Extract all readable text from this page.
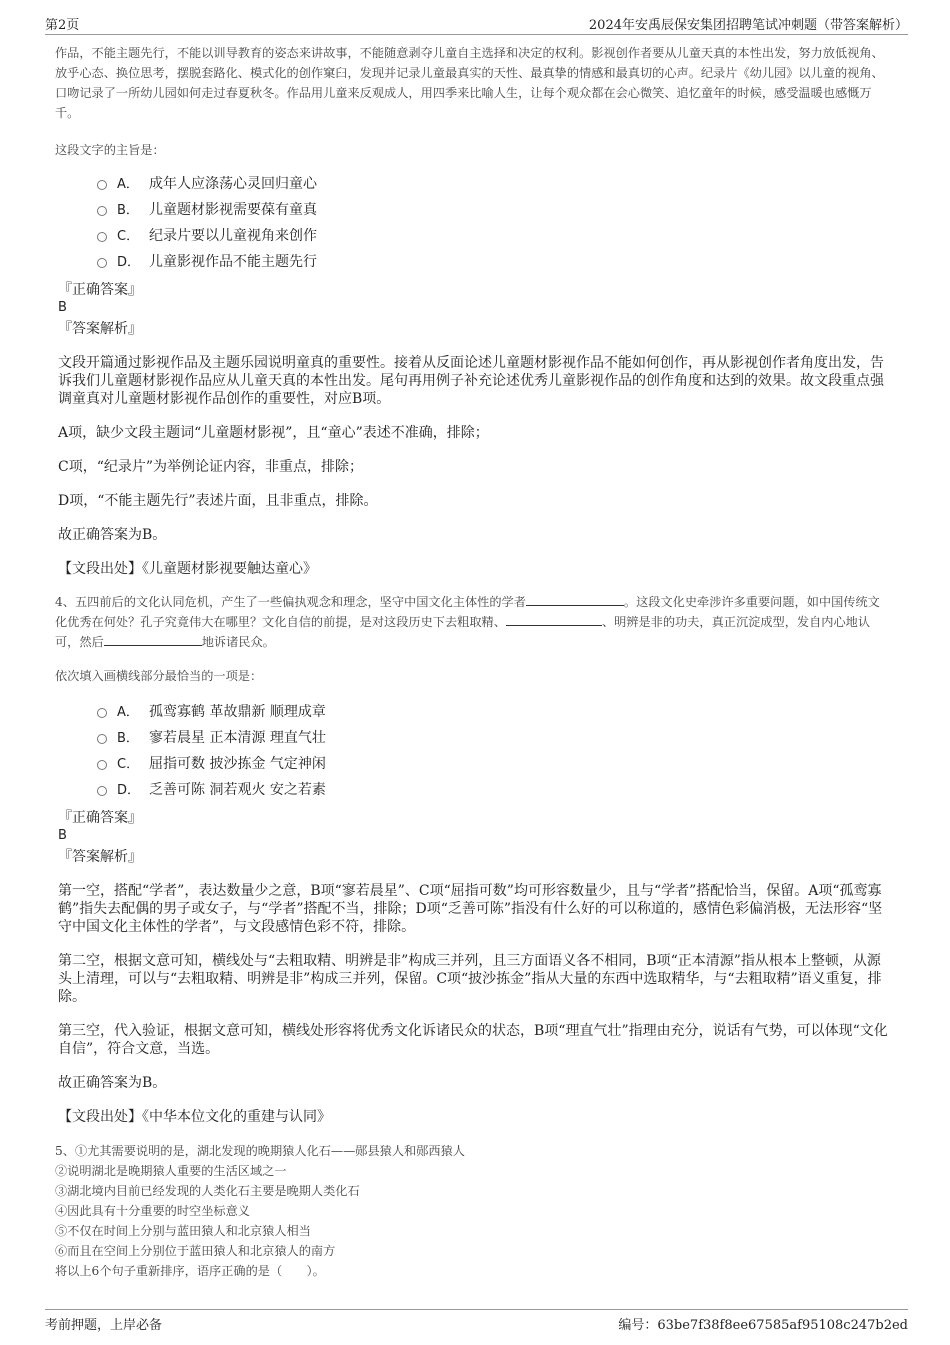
第2页	2024年安禹辰保安集团招聘笔试冲刺题（带答案解析）
作品，不能主题先行，不能以训导教育的姿态来讲故事，不能随意剥夺儿童自主选择和决定的权利。影视创作者要从儿童天真的本性出发，努力放低视角、放乎心态、换位思考，摆脱套路化、模式化的创作窠臼，发现并记录儿童最真实的天性、最真挚的情感和最真切的心声。纪录片《幼儿园》以儿童的视角、口吻记录了一所幼儿园如何走过春夏秋冬。作品用儿童来反观成人，用四季来比喻人生，让每个观众都在会心微笑、追忆童年的时候，感受温暖也感慨万千。
这段文字的主旨是：
A． 成年人应涤荡心灵回归童心
B． 儿童题材影视需要葆有童真
C． 纪录片要以儿童视角来创作
D． 儿童影视作品不能主题先行
『正确答案』
B
『答案解析』
文段开篇通过影视作品及主题乐园说明童真的重要性。接着从反面论述儿童题材影视作品不能如何创作，再从影视创作者角度出发，告诉我们儿童题材影视作品应从儿童天真的本性出发。尾句再用例子补充论述优秀儿童影视作品的创作角度和达到的效果。故文段重点强调童真对儿童题材影视作品创作的重要性，对应B项。
A项，缺少文段主题词“儿童题材影视”，且“童心”表述不准确，排除；
C项，“纪录片”为举例论证内容，非重点，排除；
D项，“不能主题先行”表述片面，且非重点，排除。
故正确答案为B。
【文段出处】《儿童题材影视要触达童心》
4、五四前后的文化认同危机，产生了一些偏执观念和理念，坚守中国文化主体性的学者	。这段文化史牵涉许多重要问题，如中国传统文化优秀在何处？孔子究竟伟大在哪里？文化自信的前提，是对这段历史下去粗取精、	、明辨是非的功夫，真正沉淀成型，发自内心地认可，然后	地诉诸民众。
依次填入画横线部分最恰当的一项是：
A． 孤鸾寡鹤 革故鼎新 顺理成章
B． 寥若晨星 正本清源 理直气壮
C． 屈指可数 披沙拣金 气定神闲
D． 乏善可陈 洞若观火 安之若素
『正确答案』
B
『答案解析』
第一空，搭配“学者”，表达数量少之意，B项“寥若晨星”、C项“屈指可数”均可形容数量少，且与“学者”搭配恰当，保留。A项“孤鸾寡鹤”指失去配偶的男子或女子，与“学者”搭配不当，排除；D项“乏善可陈”指没有什么好的可以称道的，感情色彩偏消极，无法形容“坚守中国文化主体性的学者”，与文段感情色彩不符，排除。
第二空，根据文意可知，横线处与“去粗取精、明辨是非”构成三并列，且三方面语义各不相同，B项“正本清源”指从根本上整顿，从源头上清理，可以与“去粗取精、明辨是非”构成三并列，保留。C项“披沙拣金”指从大量的东西中选取精华，与“去粗取精”语义重复，排除。
第三空，代入验证，根据文意可知，横线处形容将优秀文化诉诸民众的状态，B项“理直气壮”指理由充分，说话有气势，可以体现“文化自信”，符合文意，当选。
故正确答案为B。
【文段出处】《中华本位文化的重建与认同》
5、①尤其需要说明的是，湖北发现的晚期猿人化石——郧县猿人和郧西猿人
②说明湖北是晚期猿人重要的生活区域之一
③湖北境内目前已经发现的人类化石主要是晚期人类化石
④因此具有十分重要的时空坐标意义
⑤不仅在时间上分别与蓝田猿人和北京猿人相当
⑥而且在空间上分别位于蓝田猿人和北京猿人的南方
将以上6个句子重新排序，语序正确的是（　　）。
考前押题，上岸必备	编号：63be7f38f8ee67585af95108c247b2ed
